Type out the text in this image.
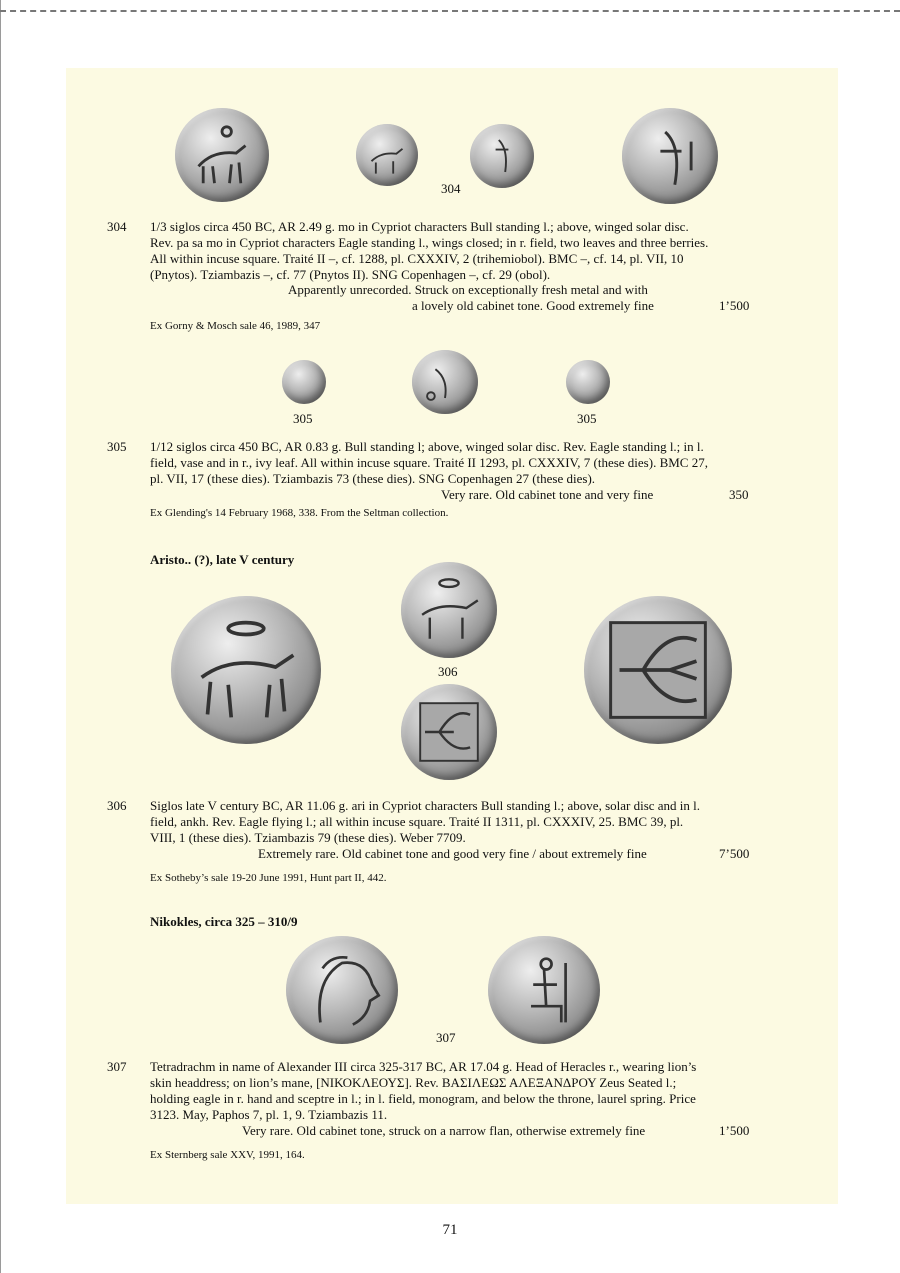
304
304 1/3 siglos circa 450 BC, AR 2.49 g. mo in Cypriot characters Bull standing l.; above, winged solar disc.
Rev. pa sa mo in Cypriot characters Eagle standing l., wings closed; in r. field, two leaves and three berries.
All within incuse square. Traité II –, cf. 1288, pl. CXXXIV, 2 (trihemiobol). BMC –, cf. 14, pl. VII, 10
(Pnytos). Tziambazis –, cf. 77 (Pnytos II). SNG Copenhagen –, cf. 29 (obol).
Apparently unrecorded. Struck on exceptionally fresh metal and with
a lovely old cabinet tone. Good extremely fine	1’500
Ex Gorny & Mosch sale 46, 1989, 347
305	305
305 1/12 siglos circa 450 BC, AR 0.83 g. Bull standing l; above, winged solar disc. Rev. Eagle standing l.; in l.
field, vase and in r., ivy leaf. All within incuse square. Traité II 1293, pl. CXXXIV, 7 (these dies). BMC 27,
pl. VII, 17 (these dies). Tziambazis 73 (these dies). SNG Copenhagen 27 (these dies).
Very rare. Old cabinet tone and very fine	350
Ex Glending's 14 February 1968, 338. From the Seltman collection.
Aristo.. (?), late V century
306
306 Siglos late V century BC, AR 11.06 g. ari in Cypriot characters Bull standing l.; above, solar disc and in l.
field, ankh. Rev. Eagle flying l.; all within incuse square. Traité II 1311, pl. CXXXIV, 25. BMC 39, pl.
VIII, 1 (these dies). Tziambazis 79 (these dies). Weber 7709.
Extremely rare. Old cabinet tone and good very fine / about extremely fine	7’500
Ex Sotheby’s sale 19-20 June 1991, Hunt part II, 442.
Nikokles, circa 325 – 310/9
307
307 Tetradrachm in name of Alexander III circa 325-317 BC, AR 17.04 g. Head of Heracles r., wearing lion’s
skin headdress; on lion’s mane, [ΝΙΚΟΚΛΕΟΥΣ]. Rev. ΒΑΣΙΛΕΩΣ ΑΛΕΞΑΝΔΡΟΥ Zeus Seated l.;
holding eagle in r. hand and sceptre in l.; in l. field, monogram, and below the throne, laurel spring. Price
3123. May, Paphos 7, pl. 1, 9. Tziambazis 11.
Very rare. Old cabinet tone, struck on a narrow flan, otherwise extremely fine	1’500
Ex Sternberg sale XXV, 1991, 164.
71
